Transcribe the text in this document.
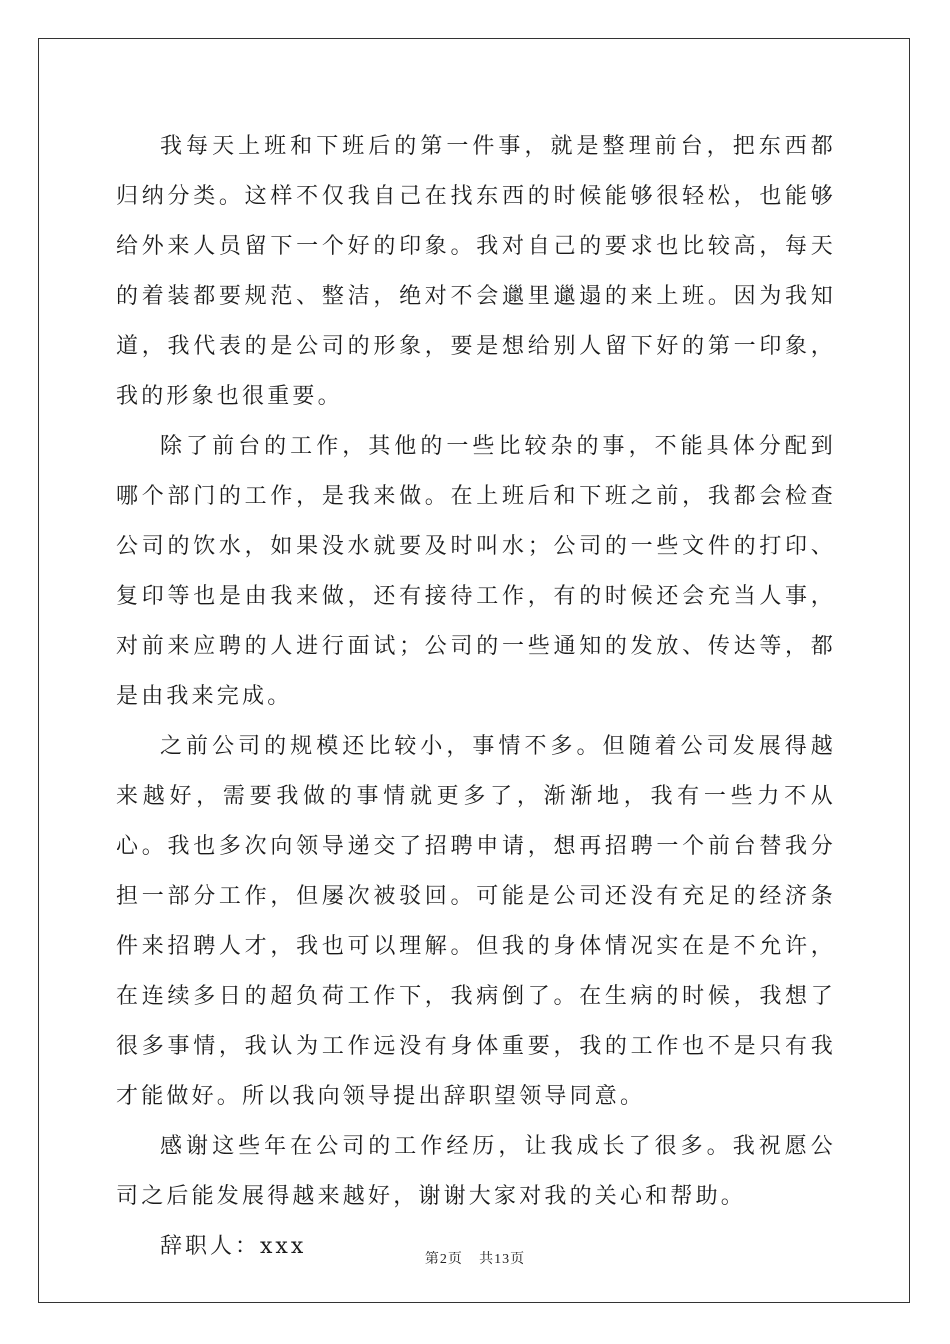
我每天上班和下班后的第一件事，就是整理前台，把东西都归纳分类。这样不仅我自己在找东西的时候能够很轻松，也能够给外来人员留下一个好的印象。我对自己的要求也比较高，每天的着装都要规范、整洁，绝对不会邋里邋遢的来上班。因为我知道，我代表的是公司的形象，要是想给别人留下好的第一印象，我的形象也很重要。

除了前台的工作，其他的一些比较杂的事，不能具体分配到哪个部门的工作，是我来做。在上班后和下班之前，我都会检查公司的饮水，如果没水就要及时叫水；公司的一些文件的打印、复印等也是由我来做，还有接待工作，有的时候还会充当人事，对前来应聘的人进行面试；公司的一些通知的发放、传达等，都是由我来完成。

之前公司的规模还比较小，事情不多。但随着公司发展得越来越好，需要我做的事情就更多了，渐渐地，我有一些力不从心。我也多次向领导递交了招聘申请，想再招聘一个前台替我分担一部分工作，但屡次被驳回。可能是公司还没有充足的经济条件来招聘人才，我也可以理解。但我的身体情况实在是不允许，在连续多日的超负荷工作下，我病倒了。在生病的时候，我想了很多事情，我认为工作远没有身体重要，我的工作也不是只有我才能做好。所以我向领导提出辞职望领导同意。

感谢这些年在公司的工作经历，让我成长了很多。我祝愿公司之后能发展得越来越好，谢谢大家对我的关心和帮助。

辞职人：xxx	第2页 共13页
